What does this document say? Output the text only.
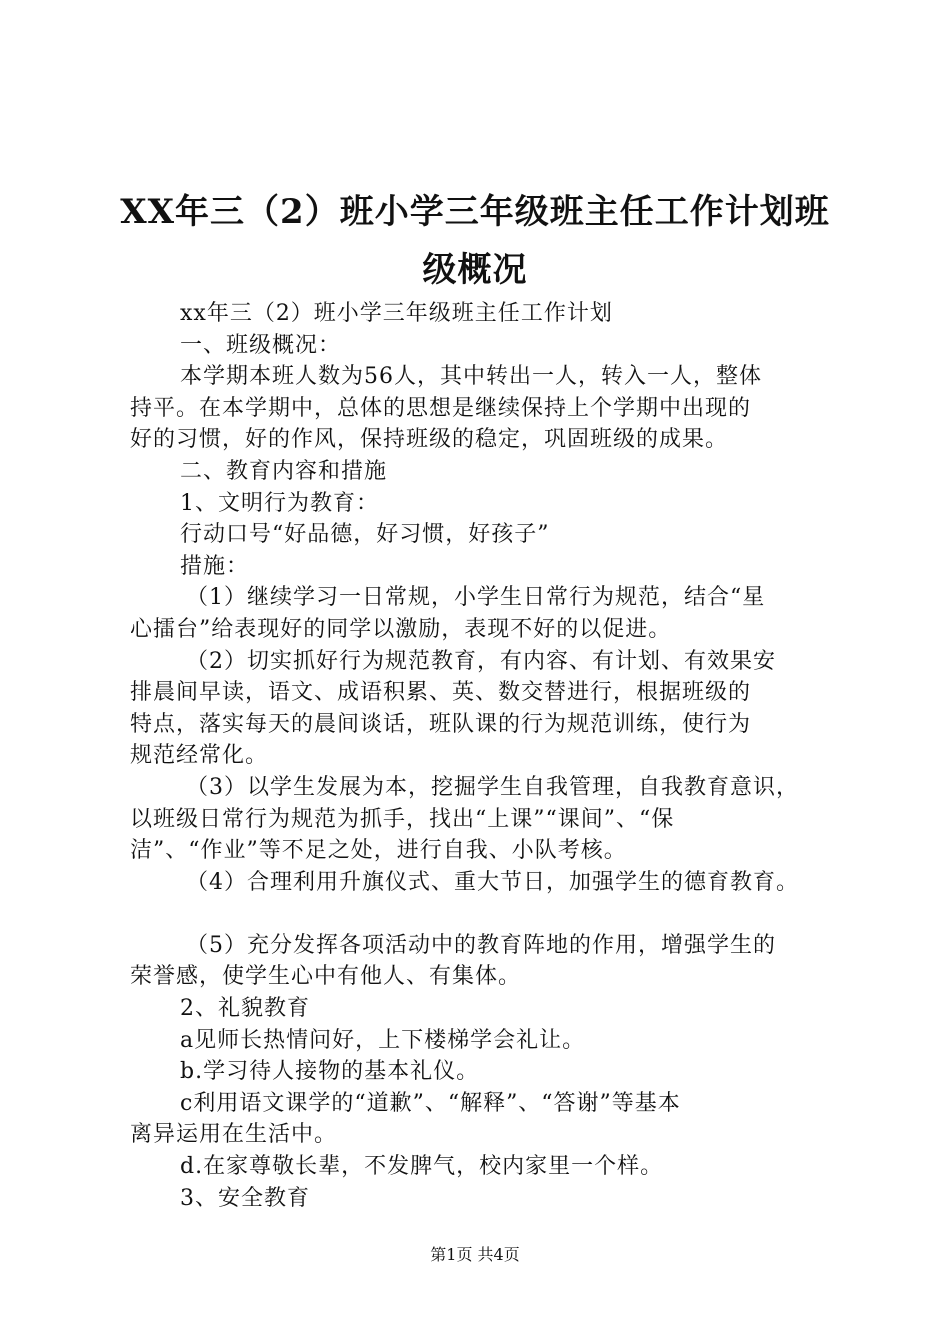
XX年三（2）班小学三年级班主任工作计划班
级概况
xx年三（2）班小学三年级班主任工作计划
一、班级概况：
本学期本班人数为56人，其中转出一人，转入一人，整体
持平。在本学期中，总体的思想是继续保持上个学期中出现的
好的习惯，好的作风，保持班级的稳定，巩固班级的成果。
二、教育内容和措施
1、文明行为教育：
行动口号“好品德，好习惯，好孩子”
措施：
（1）继续学习一日常规，小学生日常行为规范，结合“星
心擂台”给表现好的同学以激励，表现不好的以促进。
（2）切实抓好行为规范教育，有内容、有计划、有效果安
排晨间早读，语文、成语积累、英、数交替进行，根据班级的
特点，落实每天的晨间谈话，班队课的行为规范训练，使行为
规范经常化。
（3）以学生发展为本，挖掘学生自我管理，自我教育意识，
以班级日常行为规范为抓手，找出“上课”“课间”、“保
洁”、“作业”等不足之处，进行自我、小队考核。
（4）合理利用升旗仪式、重大节日，加强学生的德育教育。
（5）充分发挥各项活动中的教育阵地的作用，增强学生的
荣誉感，使学生心中有他人、有集体。
2、礼貌教育
a见师长热情问好，上下楼梯学会礼让。
b.学习待人接物的基本礼仪。
c利用语文课学的“道歉”、“解释”、“答谢”等基本
离异运用在生活中。
d.在家尊敬长辈，不发脾气，校内家里一个样。
3、安全教育
第1页 共4页
